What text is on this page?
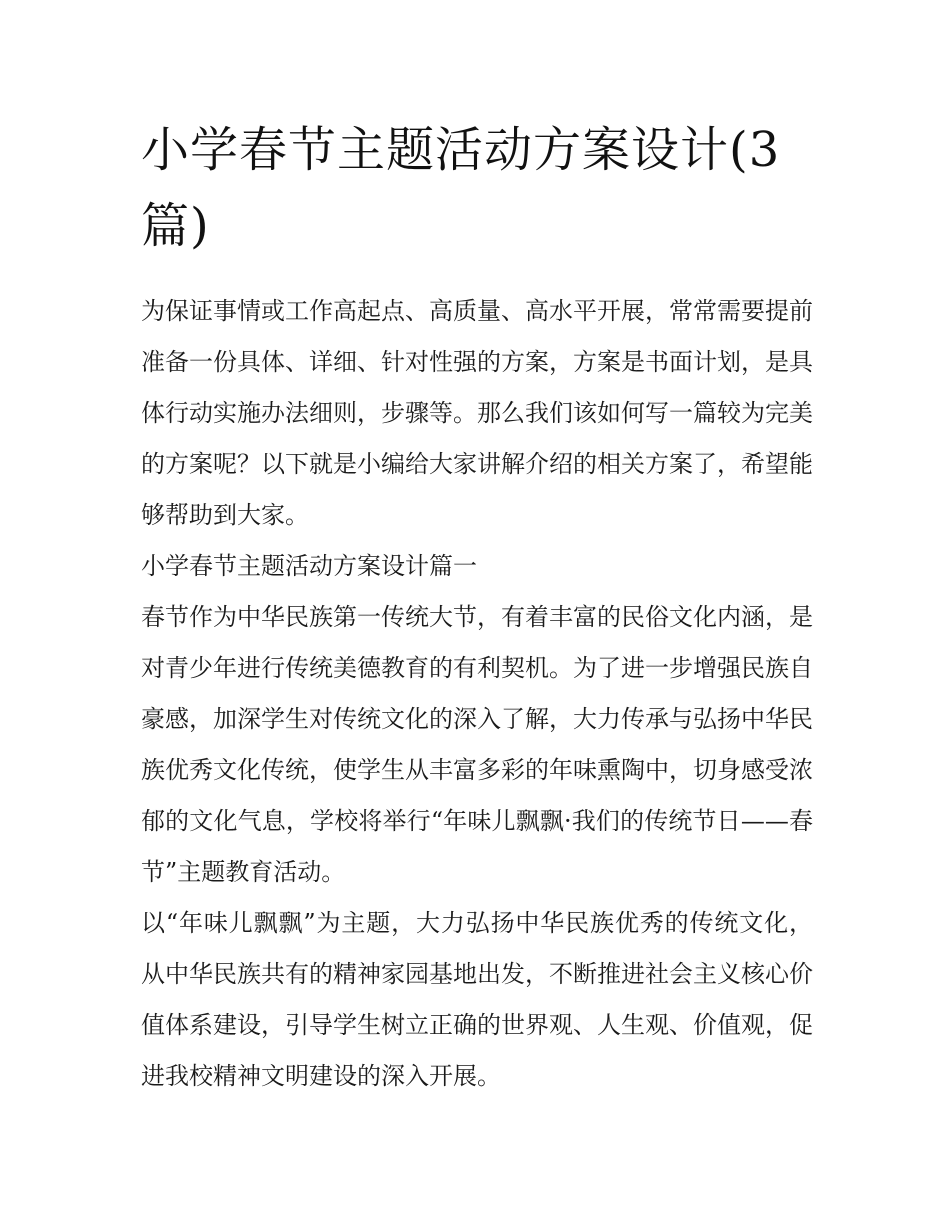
小学春节主题活动方案设计(3篇)

为保证事情或工作高起点、高质量、高水平开展，常常需要提前准备一份具体、详细、针对性强的方案，方案是书面计划，是具体行动实施办法细则，步骤等。那么我们该如何写一篇较为完美的方案呢？以下就是小编给大家讲解介绍的相关方案了，希望能够帮助到大家。

小学春节主题活动方案设计篇一

春节作为中华民族第一传统大节，有着丰富的民俗文化内涵，是对青少年进行传统美德教育的有利契机。为了进一步增强民族自豪感，加深学生对传统文化的深入了解，大力传承与弘扬中华民族优秀文化传统，使学生从丰富多彩的年味熏陶中，切身感受浓郁的文化气息，学校将举行“年味儿飘飘·我们的传统节日——春节”主题教育活动。

以“年味儿飘飘”为主题，大力弘扬中华民族优秀的传统文化，从中华民族共有的精神家园基地出发，不断推进社会主义核心价值体系建设，引导学生树立正确的世界观、人生观、价值观，促进我校精神文明建设的深入开展。
